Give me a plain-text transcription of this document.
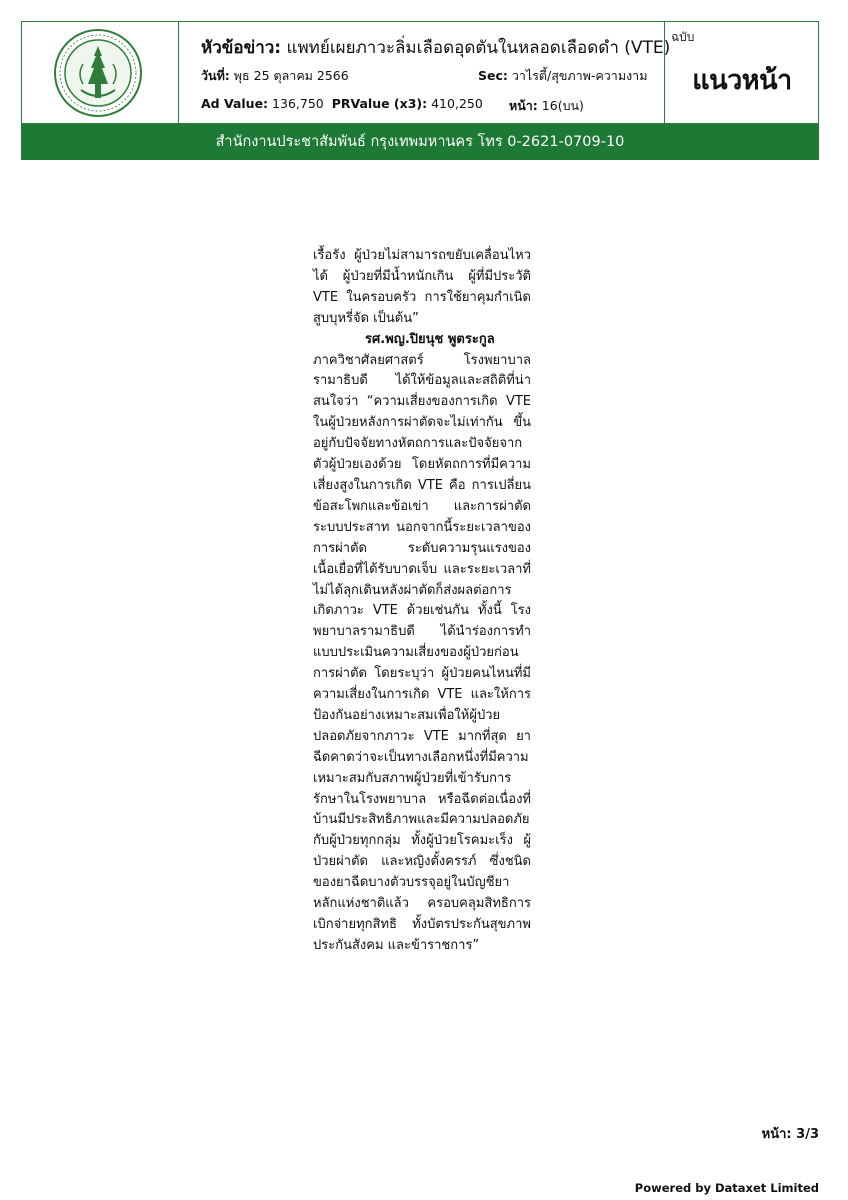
หัวข้อข่าว: แพทย์เผยภาวะลิ่มเลือดอุดตันในหลอดเลือดดำ (VTE)
วันที่: พุธ 25 ตุลาคม 2566	Sec: วาไรตี้/สุขภาพ-ความงาม
Ad Value: 136,750 PRValue (x3): 410,250 หน้า: 16(บน)
ฉบับ
แนวหน้า
สำนักงานประชาสัมพันธ์ กรุงเทพมหานคร โทร 0-2621-0709-10

เรื้อรัง ผู้ป่วยไม่สามารถขยับเคลื่อนไหวได้ ผู้ป่วยที่มีน้ำหนักเกิน ผู้ที่มีประวัติ VTE ในครอบครัว การใช้ยาคุมกำเนิด สูบบุหรี่จัด เป็นต้น”

รศ.พญ.ปิยนุช พูตระกูล

ภาควิชาศัลยศาสตร์ โรงพยาบาลรามาธิบดี ได้ให้ข้อมูลและสถิติที่น่าสนใจว่า “ความเสี่ยงของการเกิด VTE ในผู้ป่วยหลังการผ่าตัดจะไม่เท่ากัน ขึ้นอยู่กับปัจจัยทางหัตถการและปัจจัยจากตัวผู้ป่วยเองด้วย โดยหัตถการที่มีความเสี่ยงสูงในการเกิด VTE คือ การเปลี่ยนข้อสะโพกและข้อเข่า และการผ่าตัดระบบประสาท นอกจากนี้ระยะเวลาของการผ่าตัด ระดับความรุนแรงของเนื้อเยื่อที่ได้รับบาดเจ็บ และระยะเวลาที่ไม่ได้ลุกเดินหลังผ่าตัดก็ส่งผลต่อการเกิดภาวะ VTE ด้วยเช่นกัน ทั้งนี้ โรงพยาบาลรามาธิบดี ได้นำร่องการทำแบบประเมินความเสี่ยงของผู้ป่วยก่อนการผ่าตัด โดยระบุว่า ผู้ป่วยคนไหนที่มีความเสี่ยงในการเกิด VTE และให้การป้องกันอย่างเหมาะสมเพื่อให้ผู้ป่วยปลอดภัยจากภาวะ VTE มากที่สุด ยาฉีดคาดว่าจะเป็นทางเลือกหนึ่งที่มีความเหมาะสมกับสภาพผู้ป่วยที่เข้ารับการรักษาในโรงพยาบาล หรือฉีดต่อเนื่องที่บ้านมีประสิทธิภาพและมีความปลอดภัยกับผู้ป่วยทุกกลุ่ม ทั้งผู้ป่วยโรคมะเร็ง ผู้ป่วยผ่าตัด และหญิงตั้งครรภ์ ซึ่งชนิดของยาฉีดบางตัวบรรจุอยู่ในบัญชียาหลักแห่งชาติแล้ว ครอบคลุมสิทธิการเบิกจ่ายทุกสิทธิ ทั้งบัตรประกันสุขภาพ ประกันสังคม และข้าราชการ”

หน้า: 3/3
Powered by Dataxet Limited
